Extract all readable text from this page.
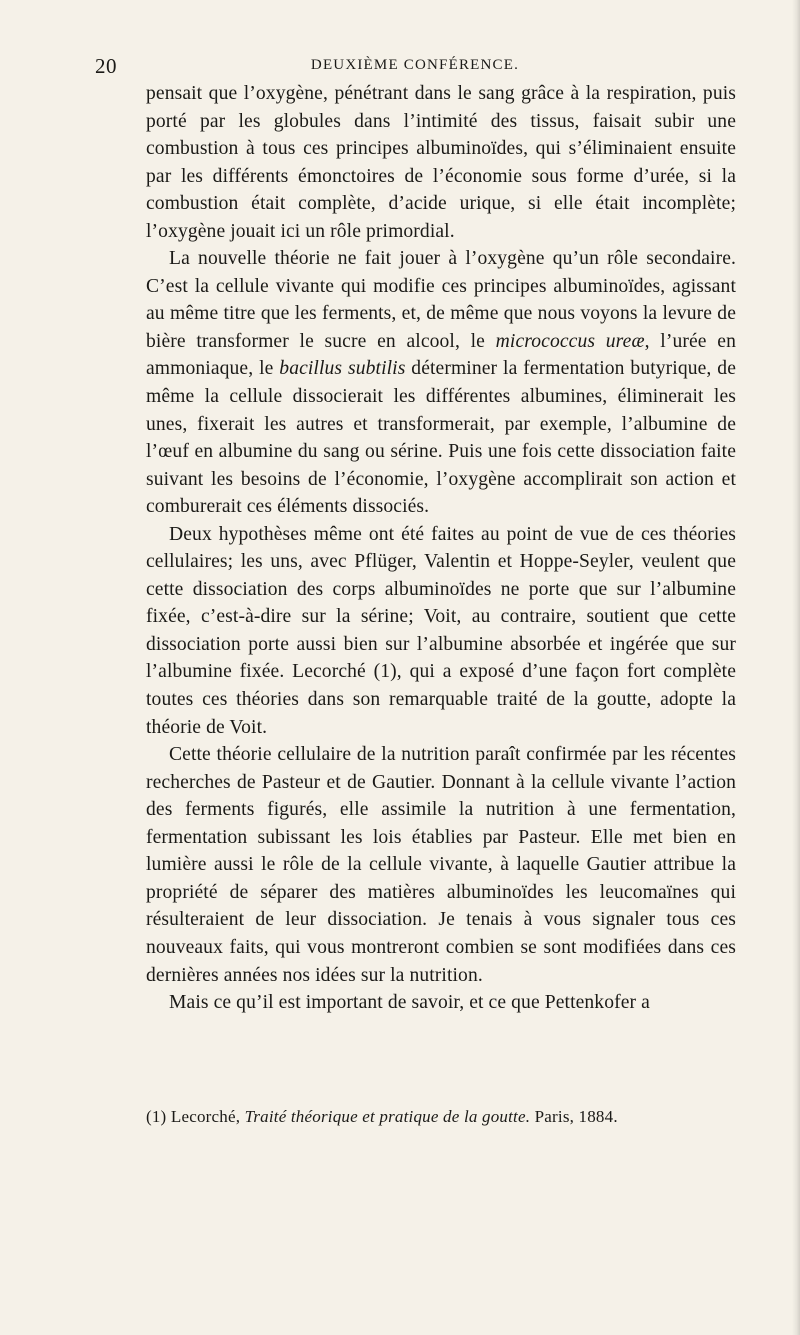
20	DEUXIÈME CONFÉRENCE.

pensait que l’oxygène, pénétrant dans le sang grâce à la respiration, puis porté par les globules dans l’intimité des tissus, faisait subir une combustion à tous ces principes albuminoïdes, qui s’éliminaient ensuite par les différents émonctoires de l’économie sous forme d’urée, si la combustion était complète, d’acide urique, si elle était incomplète; l’oxygène jouait ici un rôle primordial.

La nouvelle théorie ne fait jouer à l’oxygène qu’un rôle secondaire. C’est la cellule vivante qui modifie ces principes albuminoïdes, agissant au même titre que les ferments, et, de même que nous voyons la levure de bière transformer le sucre en alcool, le micrococcus ureæ, l’urée en ammoniaque, le bacillus subtilis déterminer la fermentation butyrique, de même la cellule dissocierait les différentes albumines, éliminerait les unes, fixerait les autres et transformerait, par exemple, l’albumine de l’œuf en albumine du sang ou sérine. Puis une fois cette dissociation faite suivant les besoins de l’économie, l’oxygène accomplirait son action et comburerait ces éléments dissociés.

Deux hypothèses même ont été faites au point de vue de ces théories cellulaires; les uns, avec Pflüger, Valentin et Hoppe-Seyler, veulent que cette dissociation des corps albuminoïdes ne porte que sur l’albumine fixée, c’est-à-dire sur la sérine; Voit, au contraire, soutient que cette dissociation porte aussi bien sur l’albumine absorbée et ingérée que sur l’albumine fixée. Lecorché (1), qui a exposé d’une façon fort complète toutes ces théories dans son remarquable traité de la goutte, adopte la théorie de Voit.

Cette théorie cellulaire de la nutrition paraît confirmée par les récentes recherches de Pasteur et de Gautier. Donnant à la cellule vivante l’action des ferments figurés, elle assimile la nutrition à une fermentation, fermentation subissant les lois établies par Pasteur. Elle met bien en lumière aussi le rôle de la cellule vivante, à laquelle Gautier attribue la propriété de séparer des matières albuminoïdes les leucomaïnes qui résulteraient de leur dissociation. Je tenais à vous signaler tous ces nouveaux faits, qui vous montreront combien se sont modifiées dans ces dernières années nos idées sur la nutrition.

Mais ce qu’il est important de savoir, et ce que Pettenkofer a

(1) Lecorché, Traité théorique et pratique de la goutte. Paris, 1884.
